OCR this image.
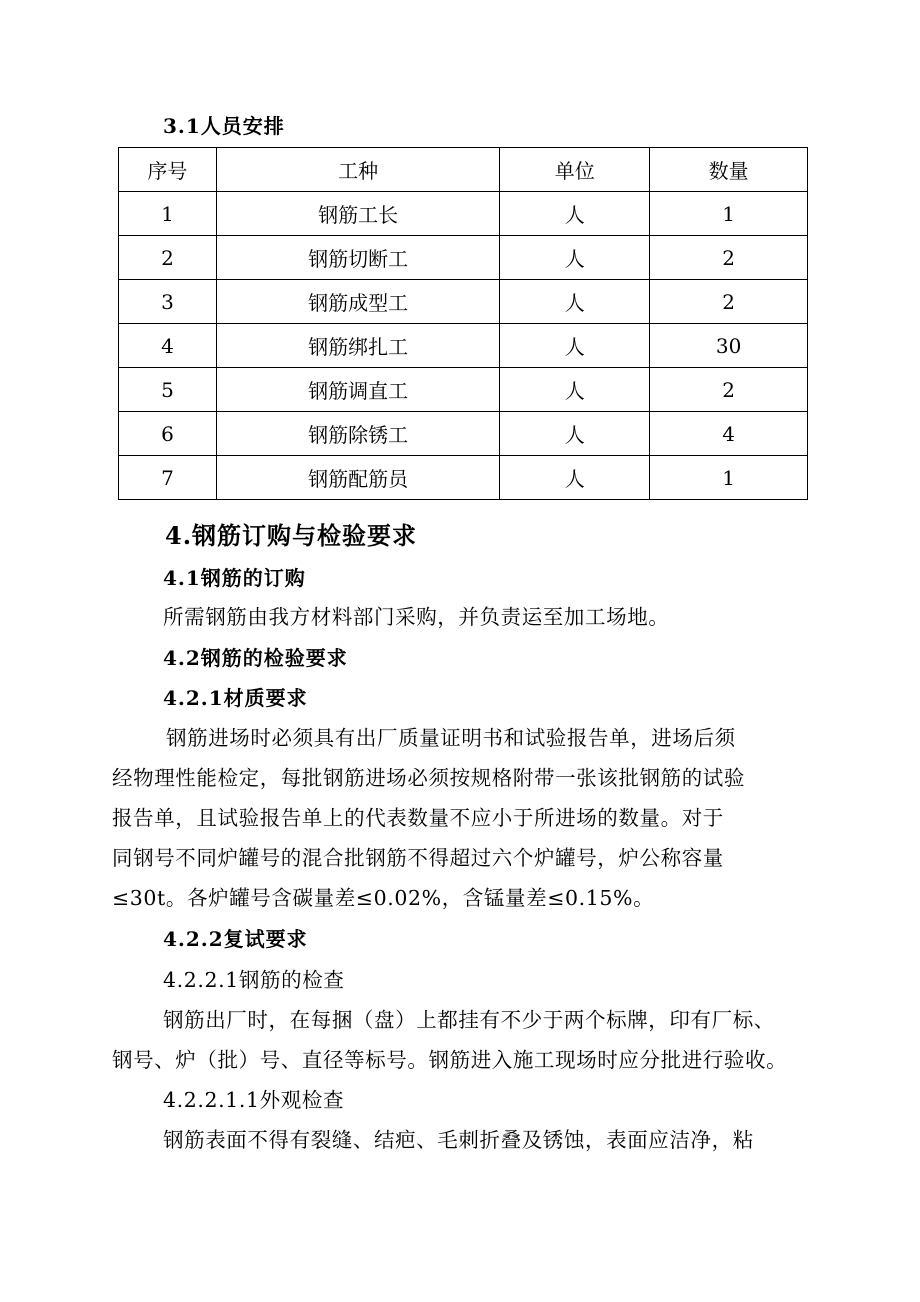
3.1人员安排
序号	工种	单位	数量
1	钢筋工长	人	1
2	钢筋切断工	人	2
3	钢筋成型工	人	2
4	钢筋绑扎工	人	30
5	钢筋调直工	人	2
6	钢筋除锈工	人	4
7	钢筋配筋员	人	1
4.钢筋订购与检验要求
4.1钢筋的订购
所需钢筋由我方材料部门采购，并负责运至加工场地。
4.2钢筋的检验要求
4.2.1材质要求
钢筋进场时必须具有出厂质量证明书和试验报告单，进场后须
经物理性能检定，每批钢筋进场必须按规格附带一张该批钢筋的试验
报告单，且试验报告单上的代表数量不应小于所进场的数量。对于
同钢号不同炉罐号的混合批钢筋不得超过六个炉罐号，炉公称容量
≤30t。各炉罐号含碳量差≤0.02%，含锰量差≤0.15%。
4.2.2复试要求
4.2.2.1钢筋的检查
钢筋出厂时，在每捆（盘）上都挂有不少于两个标牌，印有厂标、
钢号、炉（批）号、直径等标号。钢筋进入施工现场时应分批进行验收。
4.2.2.1.1外观检查
钢筋表面不得有裂缝、结疤、毛刺折叠及锈蚀，表面应洁净，粘
